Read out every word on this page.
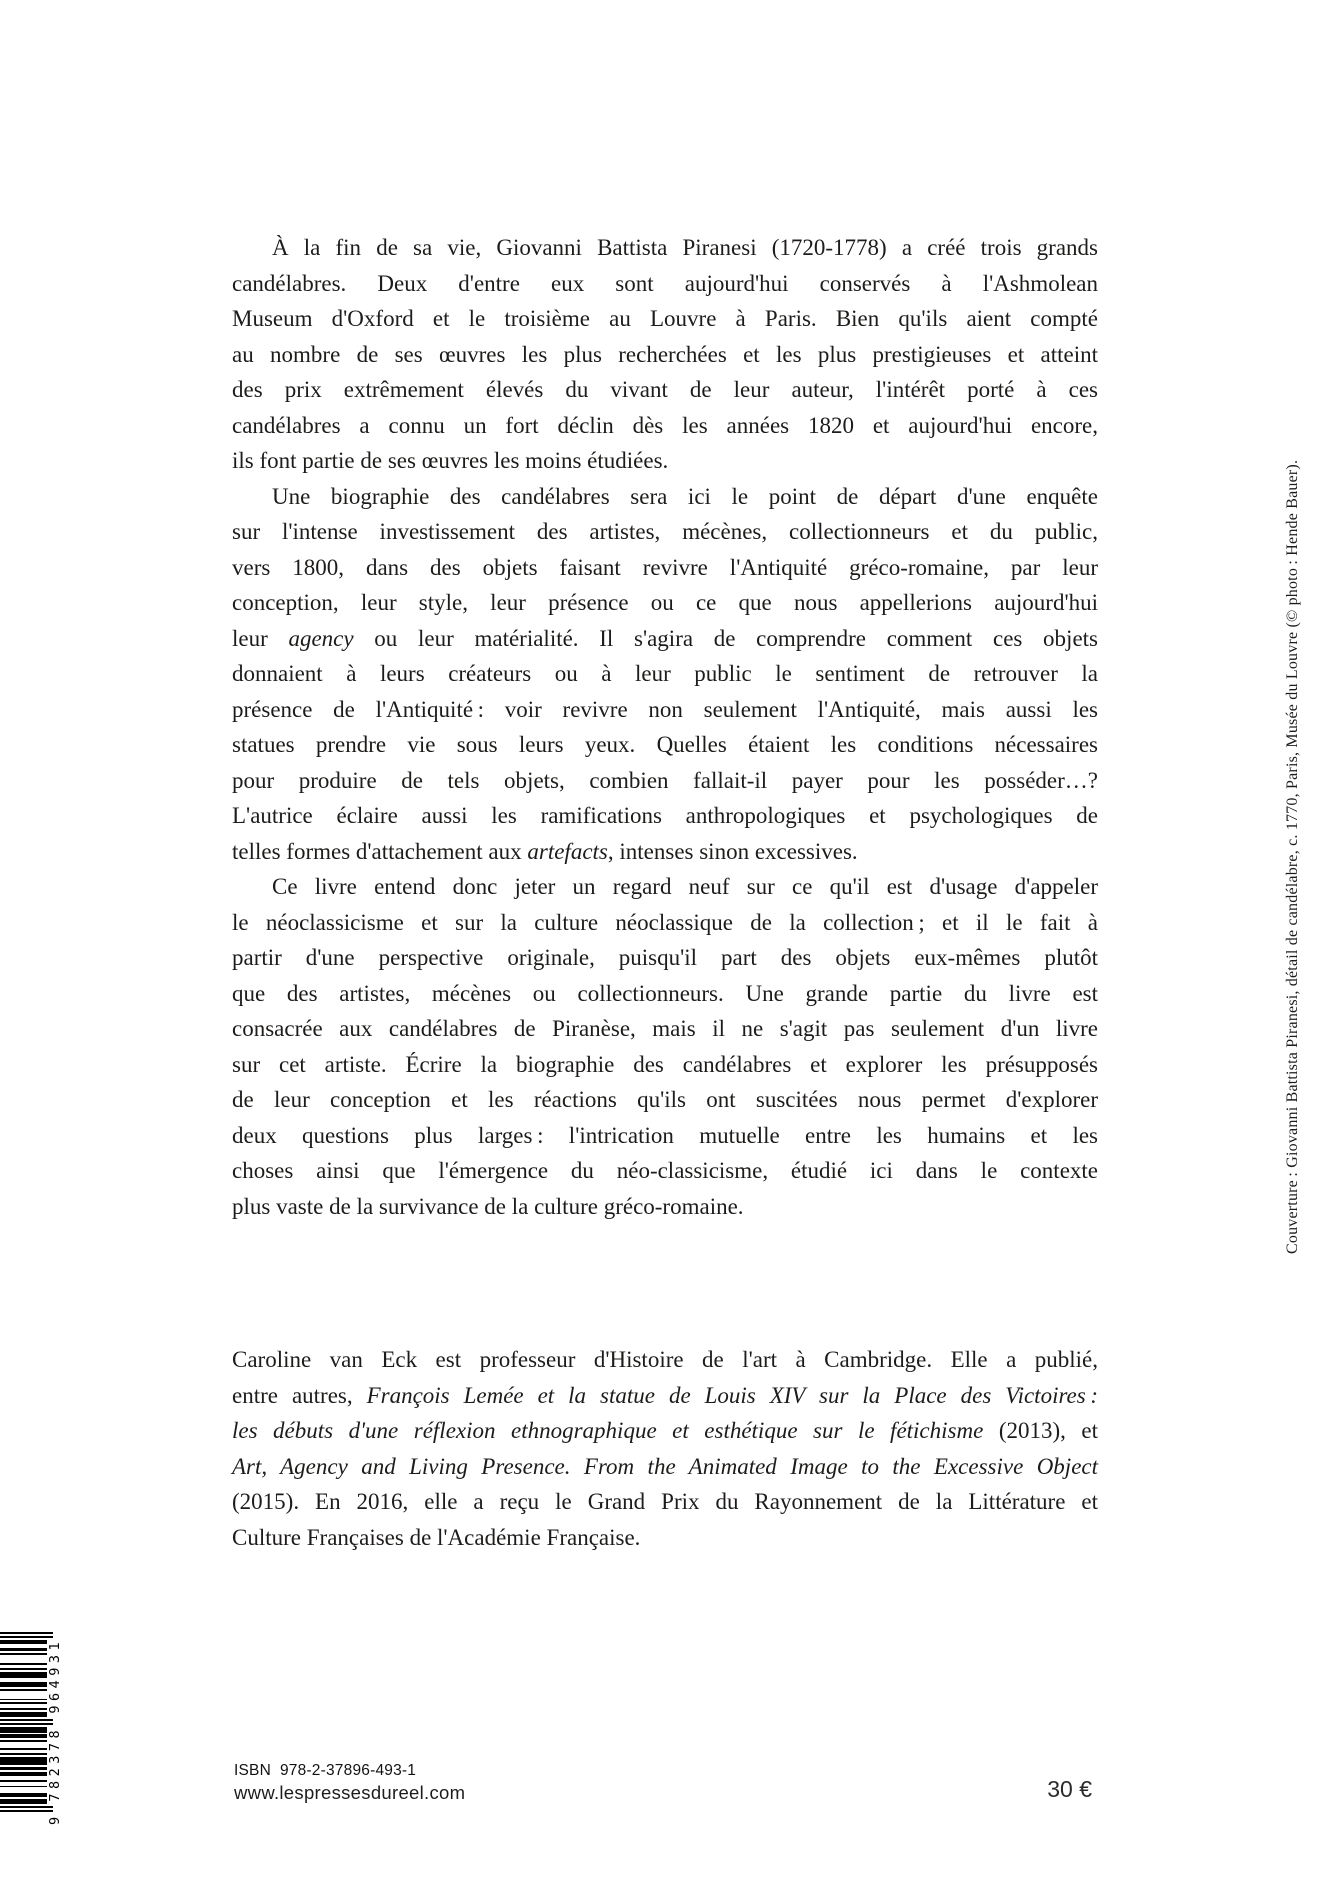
À la fin de sa vie, Giovanni Battista Piranesi (1720-1778) a créé trois grands
candélabres. Deux d'entre eux sont aujourd'hui conservés à l'Ashmolean
Museum d'Oxford et le troisième au Louvre à Paris. Bien qu'ils aient compté
au nombre de ses œuvres les plus recherchées et les plus prestigieuses et atteint
des prix extrêmement élevés du vivant de leur auteur, l'intérêt porté à ces
candélabres a connu un fort déclin dès les années 1820 et aujourd'hui encore,
ils font partie de ses œuvres les moins étudiées.
Une biographie des candélabres sera ici le point de départ d'une enquête
sur l'intense investissement des artistes, mécènes, collectionneurs et du public,
vers 1800, dans des objets faisant revivre l'Antiquité gréco-romaine, par leur
conception, leur style, leur présence ou ce que nous appellerions aujourd'hui
leur agency ou leur matérialité. Il s'agira de comprendre comment ces objets
donnaient à leurs créateurs ou à leur public le sentiment de retrouver la
présence de l'Antiquité : voir revivre non seulement l'Antiquité, mais aussi les
statues prendre vie sous leurs yeux. Quelles étaient les conditions nécessaires
pour produire de tels objets, combien fallait-il payer pour les posséder…?
L'autrice éclaire aussi les ramifications anthropologiques et psychologiques de
telles formes d'attachement aux artefacts, intenses sinon excessives.
Ce livre entend donc jeter un regard neuf sur ce qu'il est d'usage d'appeler
le néoclassicisme et sur la culture néoclassique de la collection ; et il le fait à
partir d'une perspective originale, puisqu'il part des objets eux-mêmes plutôt
que des artistes, mécènes ou collectionneurs. Une grande partie du livre est
consacrée aux candélabres de Piranèse, mais il ne s'agit pas seulement d'un livre
sur cet artiste. Écrire la biographie des candélabres et explorer les présupposés
de leur conception et les réactions qu'ils ont suscitées nous permet d'explorer
deux questions plus larges : l'intrication mutuelle entre les humains et les
choses ainsi que l'émergence du néo-classicisme, étudié ici dans le contexte
plus vaste de la survivance de la culture gréco-romaine.
Caroline van Eck est professeur d'Histoire de l'art à Cambridge. Elle a publié,
entre autres, François Lemée et la statue de Louis XIV sur la Place des Victoires :
les débuts d'une réflexion ethnographique et esthétique sur le fétichisme (2013), et
Art, Agency and Living Presence. From the Animated Image to the Excessive Object
(2015). En 2016, elle a reçu le Grand Prix du Rayonnement de la Littérature et
Culture Françaises de l'Académie Française.
Couverture : Giovanni Battista Piranesi, détail de candélabre, c. 1770, Paris, Musée du Louvre (© photo : Hende Bauer).
9
782378
964931
ISBN 978-2-37896-493-1
www.lespressesdureel.com	30 €
